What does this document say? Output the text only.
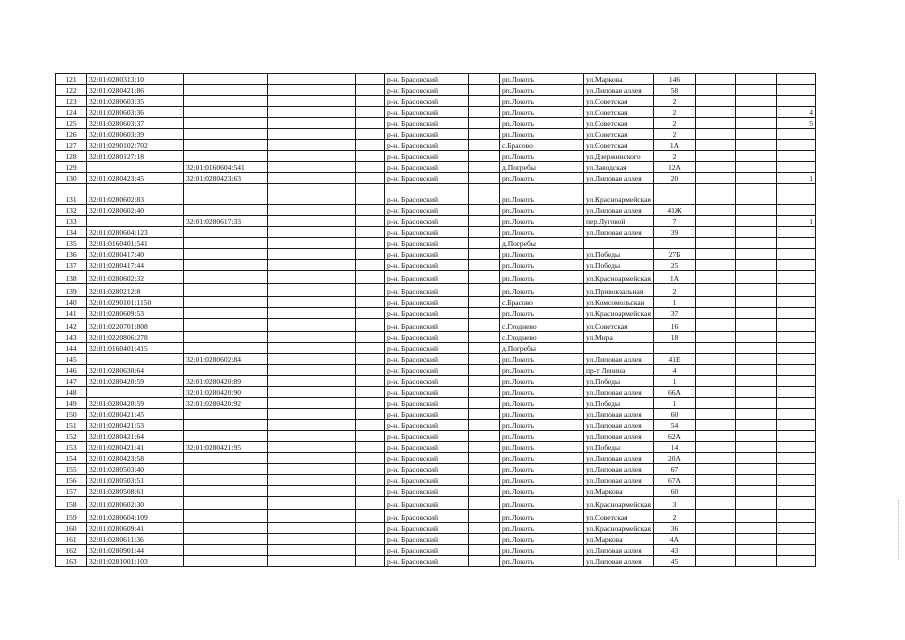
121	32:01:0280313:10				р-н. Брасовский		рп.Локоть	ул.Маркова	146			
122	32:01:0280421:86				р-н. Брасовский		рп.Локоть	ул.Липовая аллея	58			
123	32:01:0280603:35				р-н. Брасовский		рп.Локоть	ул.Советская	2			
124	32:01:0280603:36				р-н. Брасовский		рп.Локоть	ул.Советская	2			4
125	32:01:0280603:37				р-н. Брасовский		рп.Локоть	ул.Советская	2			5
126	32:01:0280603:39				р-н. Брасовский		рп.Локоть	ул.Советская	2			
127	32:01:0290102:702				р-н. Брасовский		с.Брасово	ул.Советская	1А			
128	32:01:0280127:18				р-н. Брасовский		рп.Локоть	ул.Дзержинского	2			
129		32:01:0160604:541			р-н. Брасовский		д.Погребы	ул.Заводская	12А			
130	32:01:0280423:45	32:01:0280423:63			р-н. Брасовский		рп.Локоть	ул.Липовая аллея	20			1
131	32:01:0280602:83				р-н. Брасовский		рп.Локоть	ул.Красноармейская				
132	32:01:0280602:40				р-н. Брасовский		рп.Локоть	ул.Липовая аллея	41Ж			
133		32:01:0280617:33			р-н. Брасовский		рп.Локоть	пер.Луговой	7			1
134	32:01:0280604:123				р-н. Брасовский		рп.Локоть	ул.Липовая аллея	39			
135	32:01:0160401:541				р-н. Брасовский		д.Погребы					
136	32:01:0280417:40				р-н. Брасовский		рп.Локоть	ул.Победы	27Б			
137	32:01:0280417:44				р-н. Брасовский		рп.Локоть	ул.Победы	25			
138	32:01:0280602:32				р-н. Брасовский		рп.Локоть	ул.Красноармейская	1А			
139	32:01:0280212:8				р-н. Брасовский		рп.Локоть	ул.Привокзальная	2			
140	32:01:0290101:1150				р-н. Брасовский		с.Брасово	ул.Комсомольская	1			
141	32:01:0280609:53				р-н. Брасовский		рп.Локоть	ул.Красноармейская	37			
142	32:01:0220701:808				р-н. Брасовский		с.Глоднево	ул.Советская	16			
143	32:01:0220806:278				р-н. Брасовский		с.Глоднево	ул.Мира	18			
144	32:01:0160401:415				р-н. Брасовский		д.Погребы					
145		32:01:0280602:84			р-н. Брасовский		рп.Локоть	ул.Липовая аллея	41Е			
146	32:01:0280630:64				р-н. Брасовский		рп.Локоть	пр-т Ленина	4			
147	32:01:0280420:59	32:01:0280420:89			р-н. Брасовский		рп.Локоть	ул.Победы	1			
148		32:01:0280420:90			р-н. Брасовский		рп.Локоть	ул.Липовая аллея	66А			
149	32:01:0280420:59	32:01:0280420:92			р-н. Брасовский		рп.Локоть	ул.Победы	1			
150	32:01:0280421:45				р-н. Брасовский		рп.Локоть	ул.Липовая аллея	60			
151	32:01:0280421:53				р-н. Брасовский		рп.Локоть	ул.Липовая аллея	54			
152	32:01:0280421:64				р-н. Брасовский		рп.Локоть	ул.Липовая аллея	62А			
153	32:01:0280421:41	32:01:0280421:95			р-н. Брасовский		рп.Локоть	ул.Победы	14			
154	32:01:0280423:58				р-н. Брасовский		рп.Локоть	ул.Липовая аллея	20А			
155	32:01:0280503:40				р-н. Брасовский		рп.Локоть	ул.Липовая аллея	67			
156	32:01:0280503:51				р-н. Брасовский		рп.Локоть	ул.Липовая аллея	67А			
157	32:01:0280508:61				р-н. Брасовский		рп.Локоть	ул.Маркова	60			
158	32:01:0280602:30				р-н. Брасовский		рп.Локоть	ул.Красноармейская	3			
159	32:01:0280604:109				р-н. Брасовский		рп.Локоть	ул.Советская	2			
160	32:01:0280609:41				р-н. Брасовский		рп.Локоть	ул.Красноармейская	36			
161	32:01:0280611:36				р-н. Брасовский		рп.Локоть	ул.Маркова	4А			
162	32:01:0280901:44				р-н. Брасовский		рп.Локоть	ул.Липовая аллея	43			
163	32:01:0281001:103				р-н. Брасовский		рп.Локоть	ул.Липовая аллея	45			
